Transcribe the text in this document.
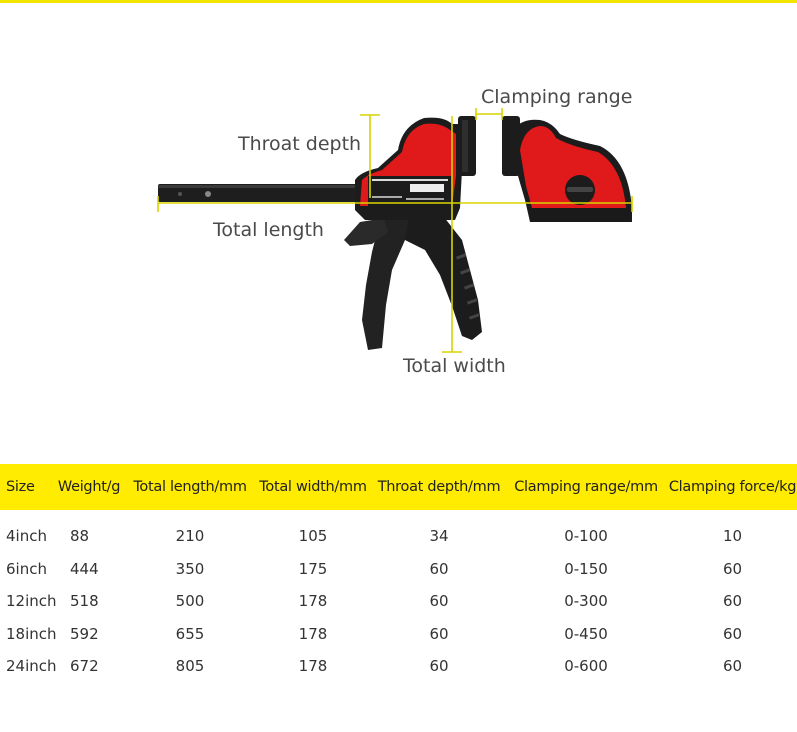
Clamping range
Throat depth
Total length
Total width
Size	Weight/g	Total length/mm	Total width/mm	Throat depth/mm	Clamping range/mm	Clamping force/kg
4inch	88	210	105	34	0-100	10
6inch	444	350	175	60	0-150	60
12inch	518	500	178	60	0-300	60
18inch	592	655	178	60	0-450	60
24inch	672	805	178	60	0-600	60
